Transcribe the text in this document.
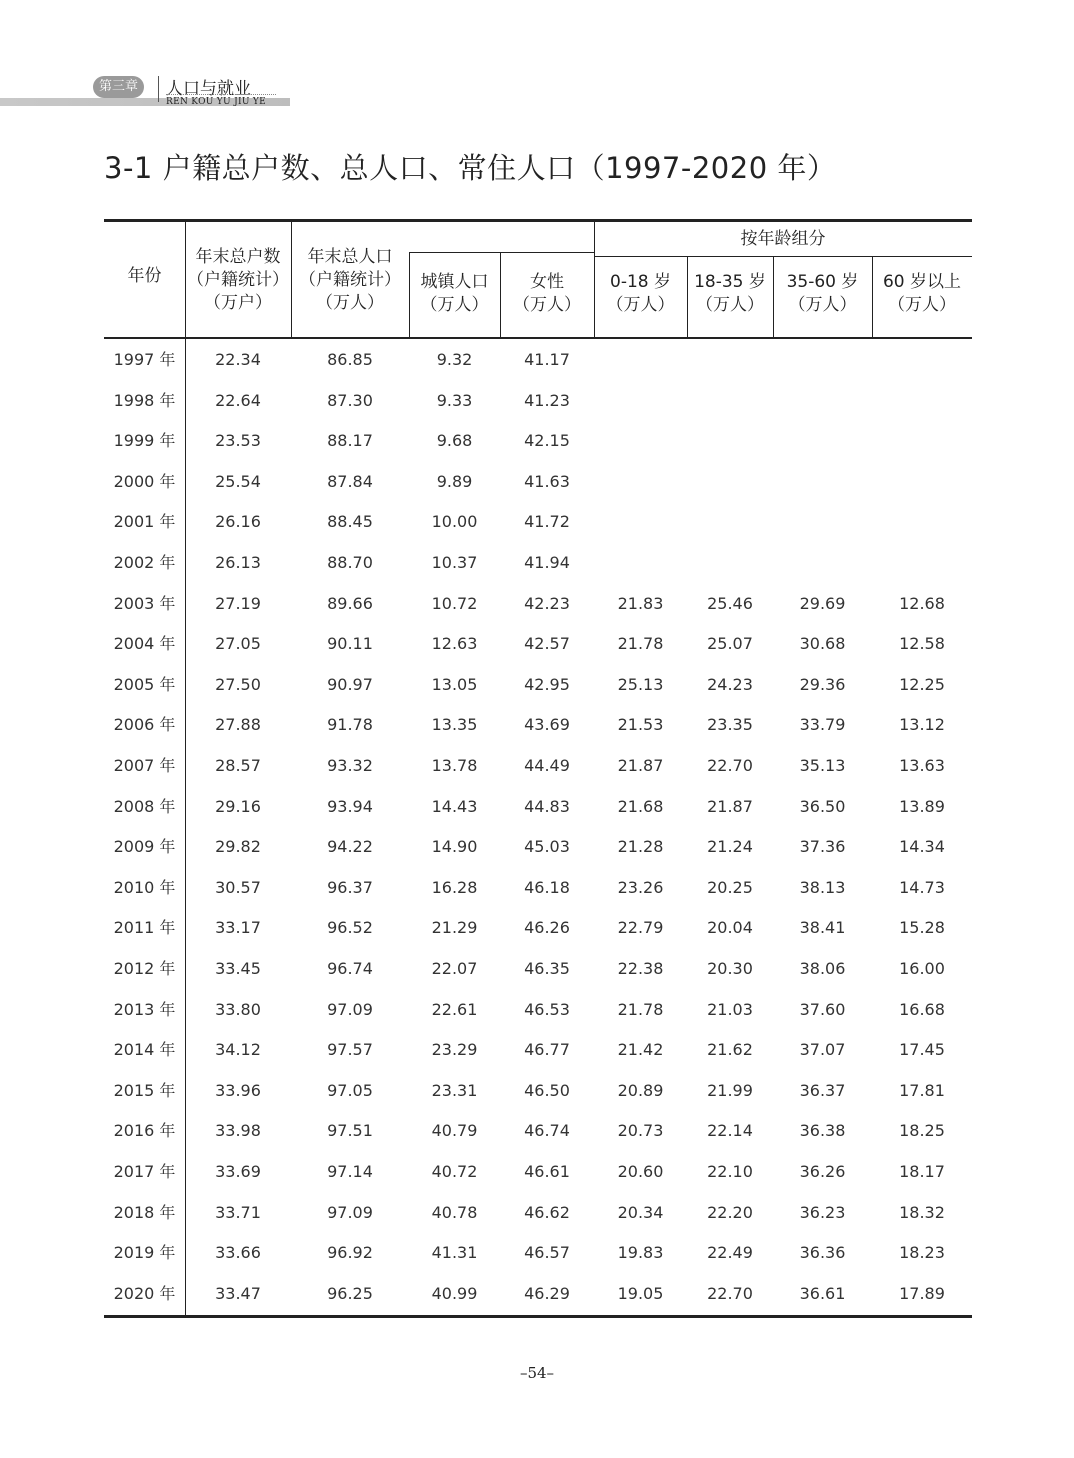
第三章	人口与就业
REN KOU YU JIU YE
3-1 户籍总户数、总人口、常住人口（1997-2020 年）
年份
年末总户数
（户籍统计）
（万户）
年末总人口
（户籍统计）
（万人）
城镇人口
（万人）
女性
（万人）
按年龄组分
0-18 岁
（万人）
18-35 岁
（万人）
35-60 岁
（万人）
60 岁以上
（万人）
1997 年	22.34	86.85	9.32	41.17
1998 年	22.64	87.30	9.33	41.23
1999 年	23.53	88.17	9.68	42.15
2000 年	25.54	87.84	9.89	41.63
2001 年	26.16	88.45	10.00	41.72
2002 年	26.13	88.70	10.37	41.94
2003 年	27.19	89.66	10.72	42.23	21.83	25.46	29.69	12.68
2004 年	27.05	90.11	12.63	42.57	21.78	25.07	30.68	12.58
2005 年	27.50	90.97	13.05	42.95	25.13	24.23	29.36	12.25
2006 年	27.88	91.78	13.35	43.69	21.53	23.35	33.79	13.12
2007 年	28.57	93.32	13.78	44.49	21.87	22.70	35.13	13.63
2008 年	29.16	93.94	14.43	44.83	21.68	21.87	36.50	13.89
2009 年	29.82	94.22	14.90	45.03	21.28	21.24	37.36	14.34
2010 年	30.57	96.37	16.28	46.18	23.26	20.25	38.13	14.73
2011 年	33.17	96.52	21.29	46.26	22.79	20.04	38.41	15.28
2012 年	33.45	96.74	22.07	46.35	22.38	20.30	38.06	16.00
2013 年	33.80	97.09	22.61	46.53	21.78	21.03	37.60	16.68
2014 年	34.12	97.57	23.29	46.77	21.42	21.62	37.07	17.45
2015 年	33.96	97.05	23.31	46.50	20.89	21.99	36.37	17.81
2016 年	33.98	97.51	40.79	46.74	20.73	22.14	36.38	18.25
2017 年	33.69	97.14	40.72	46.61	20.60	22.10	36.26	18.17
2018 年	33.71	97.09	40.78	46.62	20.34	22.20	36.23	18.32
2019 年	33.66	96.92	41.31	46.57	19.83	22.49	36.36	18.23
2020 年	33.47	96.25	40.99	46.29	19.05	22.70	36.61	17.89
–54–
